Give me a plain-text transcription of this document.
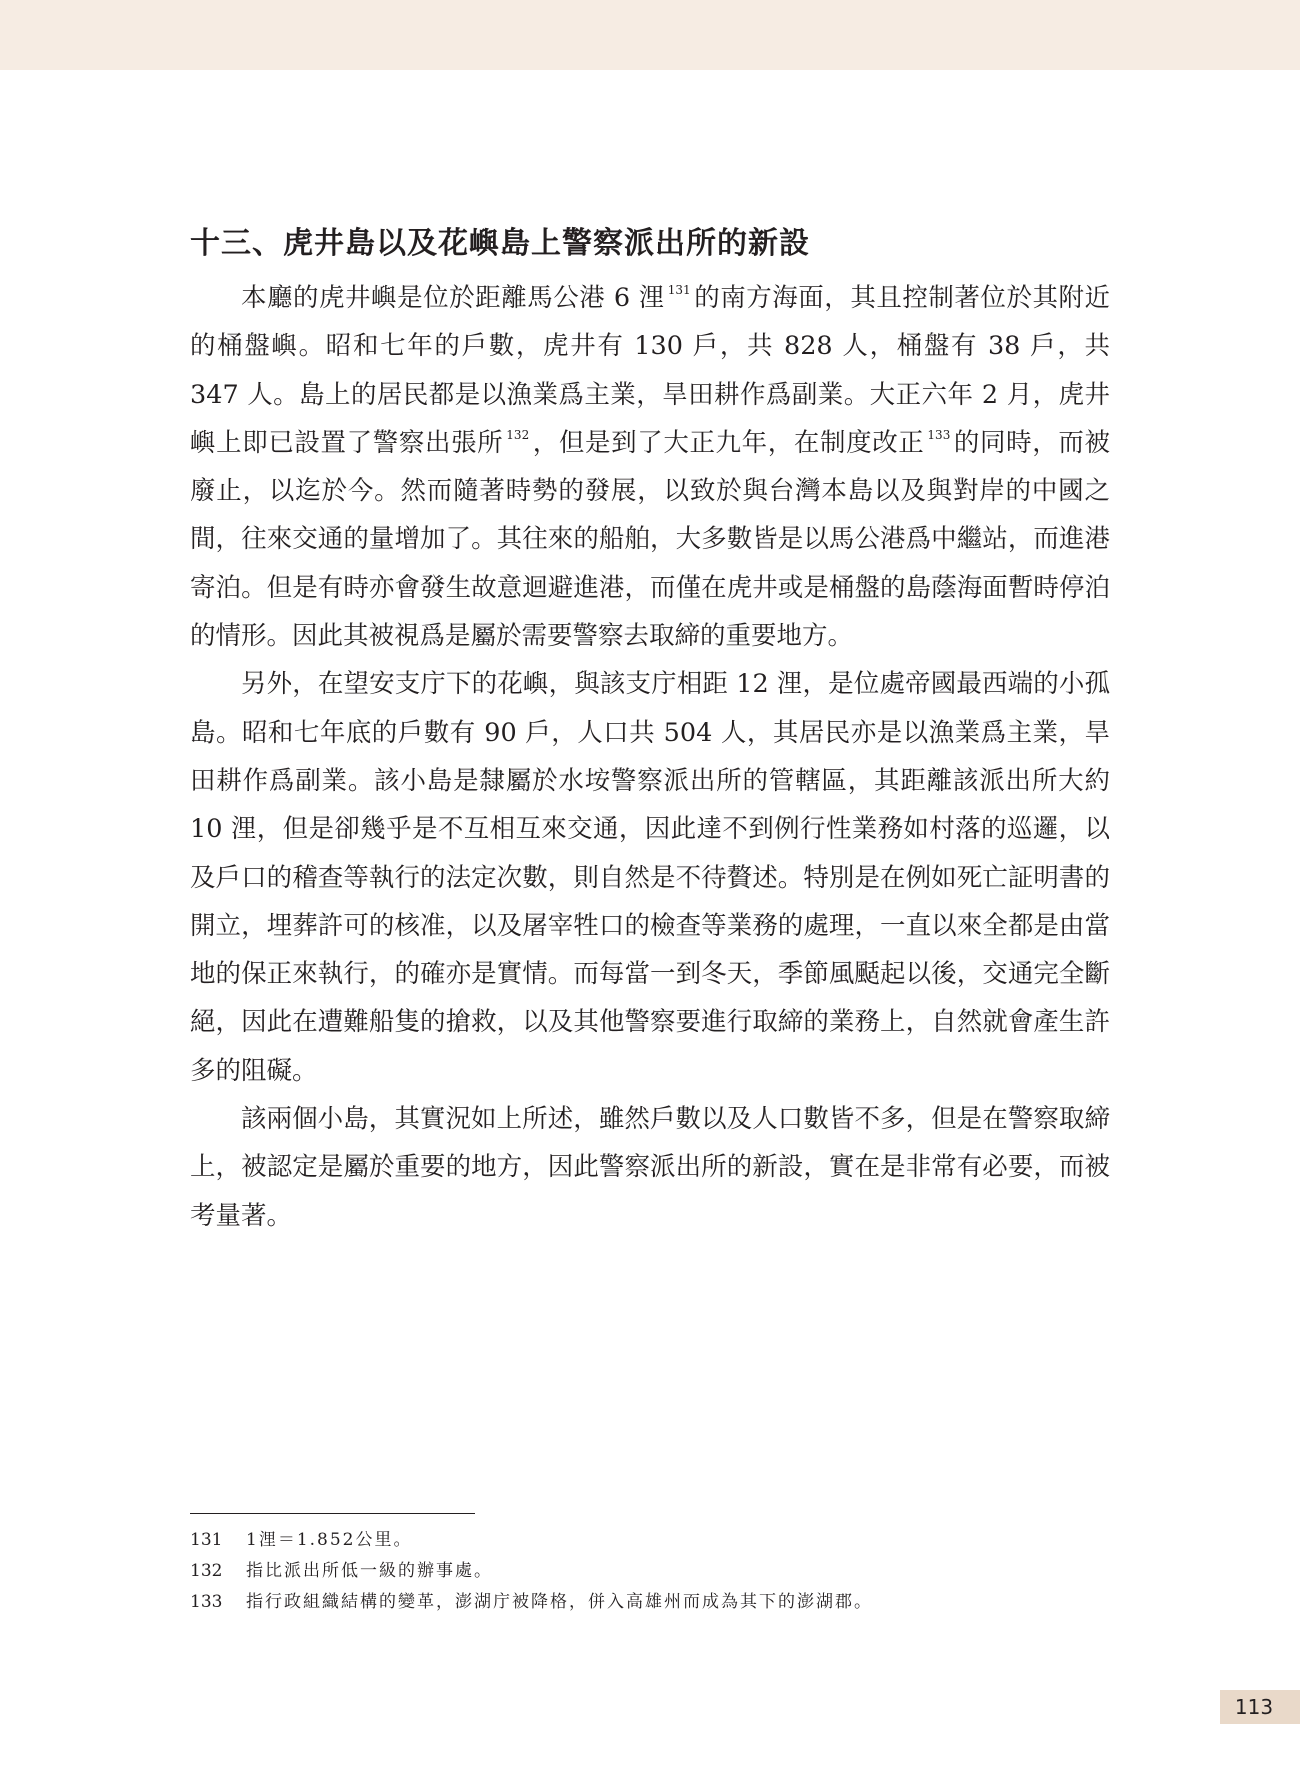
十三、虎井島以及花嶼島上警察派出所的新設

本廳的虎井嶼是位於距離馬公港 6 浬 $^{131}$ 的南方海面，其且控制著位於其附近的桶盤嶼。昭和七年的戶數，虎井有 130 戶，共 828 人，桶盤有 38 戶，共 347 人。島上的居民都是以漁業爲主業，旱田耕作爲副業。大正六年 2 月，虎井嶼上即已設置了警察出張所 $^{132}$ ，但是到了大正九年，在制度改正 $^{133}$ 的同時，而被廢止，以迄於今。然而隨著時勢的發展，以致於與台灣本島以及與對岸的中國之間，往來交通的量增加了。其往來的船舶，大多數皆是以馬公港爲中繼站，而進港寄泊。但是有時亦會發生故意迴避進港，而僅在虎井或是桶盤的島蔭海面暫時停泊的情形。因此其被視爲是屬於需要警察去取締的重要地方。

另外，在望安支庁下的花嶼，與該支庁相距 12 浬，是位處帝國最西端的小孤島。昭和七年底的戶數有 90 戶，人口共 504 人，其居民亦是以漁業爲主業，旱田耕作爲副業。該小島是隸屬於水垵警察派出所的管轄區，其距離該派出所大約 10 浬，但是卻幾乎是不互相互來交通，因此達不到例行性業務如村落的巡邏，以及戶口的稽查等執行的法定次數，則自然是不待贅述。特別是在例如死亡証明書的開立，埋葬許可的核准，以及屠宰牲口的檢查等業務的處理，一直以來全都是由當地的保正來執行，的確亦是實情。而每當一到冬天，季節風颳起以後，交通完全斷絕，因此在遭難船隻的搶救，以及其他警察要進行取締的業務上，自然就會產生許多的阻礙。

該兩個小島，其實況如上所述，雖然戶數以及人口數皆不多，但是在警察取締上，被認定是屬於重要的地方，因此警察派出所的新設，實在是非常有必要，而被考量著。

131 1浬＝1.852公里。
132 指比派出所低一級的辦事處。
133 指行政組織結構的變革，澎湖庁被降格，併入高雄州而成為其下的澎湖郡。
113
